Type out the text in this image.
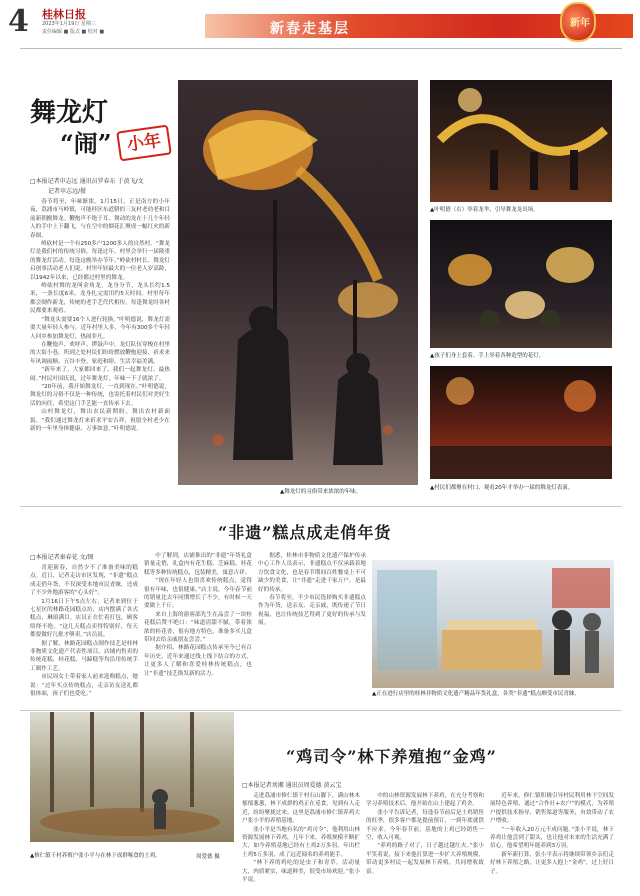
4 桂林日报
2023年1月19日 星期三
责任编辑 ■ 版式 ■ 校对 ■	新春走基层	新年
舞龙灯
“闹” 小年
□本报记者申志远 通讯员罗春东 于黄飞/文
记者申志远/摄

春节将至，年味渐浓。1月15日，正是南方的小年夜，荔浦市马岭镇，可能桂区东道腊的三友村老幼老和目前新朝搬舞龙。鞭炮声不绝于耳，舞动的龙在十几个年轻人的手中上下翻飞，与在空中的烟花汇聚成一幅红火的新春图。

岭砍村是一个有250多户1200多人的自然村。“舞龙灯是我们村的传统习俗，每逢过年，村里会举行一届隆重的舞龙灯活动。每逢这晚举办节年。”岭砍村村长、舞龙灯启创事活动老人们说，村里年轻最大的一位老人岁高龄，以1942年以来，已经都过村里的舞龙。

岭砍村舞的龙叫金角龙，龙身分节，龙头长约1.5米，一条长度6米，龙身扎完需用约5天时间。村里每年都会制作新龙，传统的老手艺代代相传，每逢舞龙时各村民都要来观看。

“舞龙头需要16个人进行轮换。”叶明德说，舞龙灯需要大量年轻人参与，近年村里人多，今年有300多个年轻人回乡参加舞龙灯，热闹非凡。

在鞭炮声、欢呼声、锣鼓声中，龙灯队伍穿梭在村里的大街小巷，所到之处村民们纷纷燃放鞭炮迎接，祈求来年风调雨顺、五谷丰登、家庭和睦、生活幸福美满。

“新年来了，大家都回来了，我们一起舞龙灯，最热闹。”村民叶国庆说，过年舞龙灯，年味一下子就浓了。

“20年前，我开始舞龙灯，一直到现在。”叶明德说，舞龙灯的习俗不仅是一种传统，也寄托着村民们对美好生活的向往，希望这门手艺能一直传承下去。

山村舞龙灯，舞出农民新期盼。舞出农村新面貌。“我们通过舞龙灯来祈求平安吉祥，祝愿全村老少在新的一年里身体健康、万事如意。”叶明德说。

▲舞龙灯的习俗带来浓浓的年味。
▲叶明德（右）举着龙伞，引导舞龙龙出场。
▲孩子们身上套着、手上举着各种造型的花灯。
▲村民们都聚在村口，观看20年才举办一届的舞龙灯表演。
“非遗”糕点成走俏年货
□本报记者秦春花 文/图

喜迎新春，自然少不了准备美味的糕点。近日，记者走访市区发现，“非遗”糕点成走俏年货，不仅深受本地市民青睐，还成了不少外地游客的“心头好”。

1月16日下午5点左右，记者来到位于七星区的林路花园糕点坊，店内摆满了各式糕点，琳琅满目。店员正在忙着打包，顾客络绎不绝。“这几天糕点卖得特别好，每天都要做好几批才够卖。”店员说。

据了解，林路花园糕点制作技艺是桂林非物质文化遗产代表性项目，店铺内售卖的传统花糕、桂花糕、马蹄糕等均沿用传统手工制作工艺。

市民周女士带着家人前来选购糕点，她说：“过年买点传统糕点，走亲访友送礼都很体面，孩子们也爱吃。”

中了解到，店铺推出的“非遗”年货礼盒销量走俏，礼盒内有花生糕、芝麻糕、桂花糕等多种传统糕点，包装精美，寓意吉祥。

“现在年轻人也很喜欢传统糕点，觉得很有年味，也很健康。”店主说，今年春节前的销量比去年同期增长了不少，有时候一天要做上千斤。

来自上海的游客邵先生在品尝了一块桂花糕后赞不绝口：“味道清甜不腻，带着浓浓的桂花香，很有地方特色，准备多买几盒带回去给亲戚朋友尝尝。”

据介绍，林路花园糕点传承至今已有百年历史，近年来通过线上线下结合的方式，让更多人了解和喜爱桂林传统糕点，也让“非遗”技艺焕发新的活力。

据悉，桂林市非物质文化遗产保护传承中心工作人员表示，非遗糕点不仅承载着地方饮食文化，也是春节期间百姓餐桌上不可缺少的美食，让“非遗”走进千家万户，是最好的传承。

春节将至，不少市民选择购买非遗糕点作为年货，送亲友、走亲戚，既传递了节日祝福，也让传统技艺得到了更好的传承与发展。

▲正在进行店里的桂林非物质文化遗产精品年货礼盒，各类“非遗”糕点颇受市民青睐。
▲修仁镇千村养殖户张小平与在林下成群啄食的土鸡。	周爱德 摄
“鸡司令”林下养殖抱“金鸡”
□本报记者刘湘 通讯员周爱德 黄云宝

走进荔浦市修仁镇千村石山脚下，满山林木郁郁葱葱，林下成群的鸡正在觅食，见到有人走近，纷纷聚拢过来。这里是荔浦市修仁镇养鸡大户张小平的养殖基地。

张小平是当地有名的“鸡司令”，他利用山林资源发展林下养鸡，几年下来，养殖规模不断扩大，如今养殖基地已经有土鸡2万多羽，年出栏土鸡5万多羽，成了远近闻名的养鸡能手。

“林下养的鸡吃的是虫子和青草，活动量大，肉质紧实，味道鲜美，很受市场欢迎。”张小平说。

中的山林资源发展林下养鸡，在充分考察和学习养殖技术后，他开始在山上建起了鸡舍。

张小平告诉记者，每逢春节前后是土鸡销售的旺季，很多客户都是提前预订，一到年底就供不应求。今年春节前，基地的土鸡已经销售一空，收入可观。

“养鸡的路子对了，日子越过越红火。”张小平笑着说，接下来他打算进一步扩大养殖规模，带动更多村民一起发展林下养殖，共同增收致富。

近年来，修仁镇积极引导村民利用林下空间发展特色养殖，通过“合作社+农户”的模式，为养殖户提供技术指导、销售渠道等服务，有效带动了农户增收。

“一年收入20万元不成问题。”张小平说，林下养鸡让他尝到了甜头，也让他对未来的生活充满了信心，他希望明年能养到3万羽。

新年新打算，张小平表示将继续带领乡亲们走好林下养殖之路，让更多人抱上“金鸡”，过上好日子。
